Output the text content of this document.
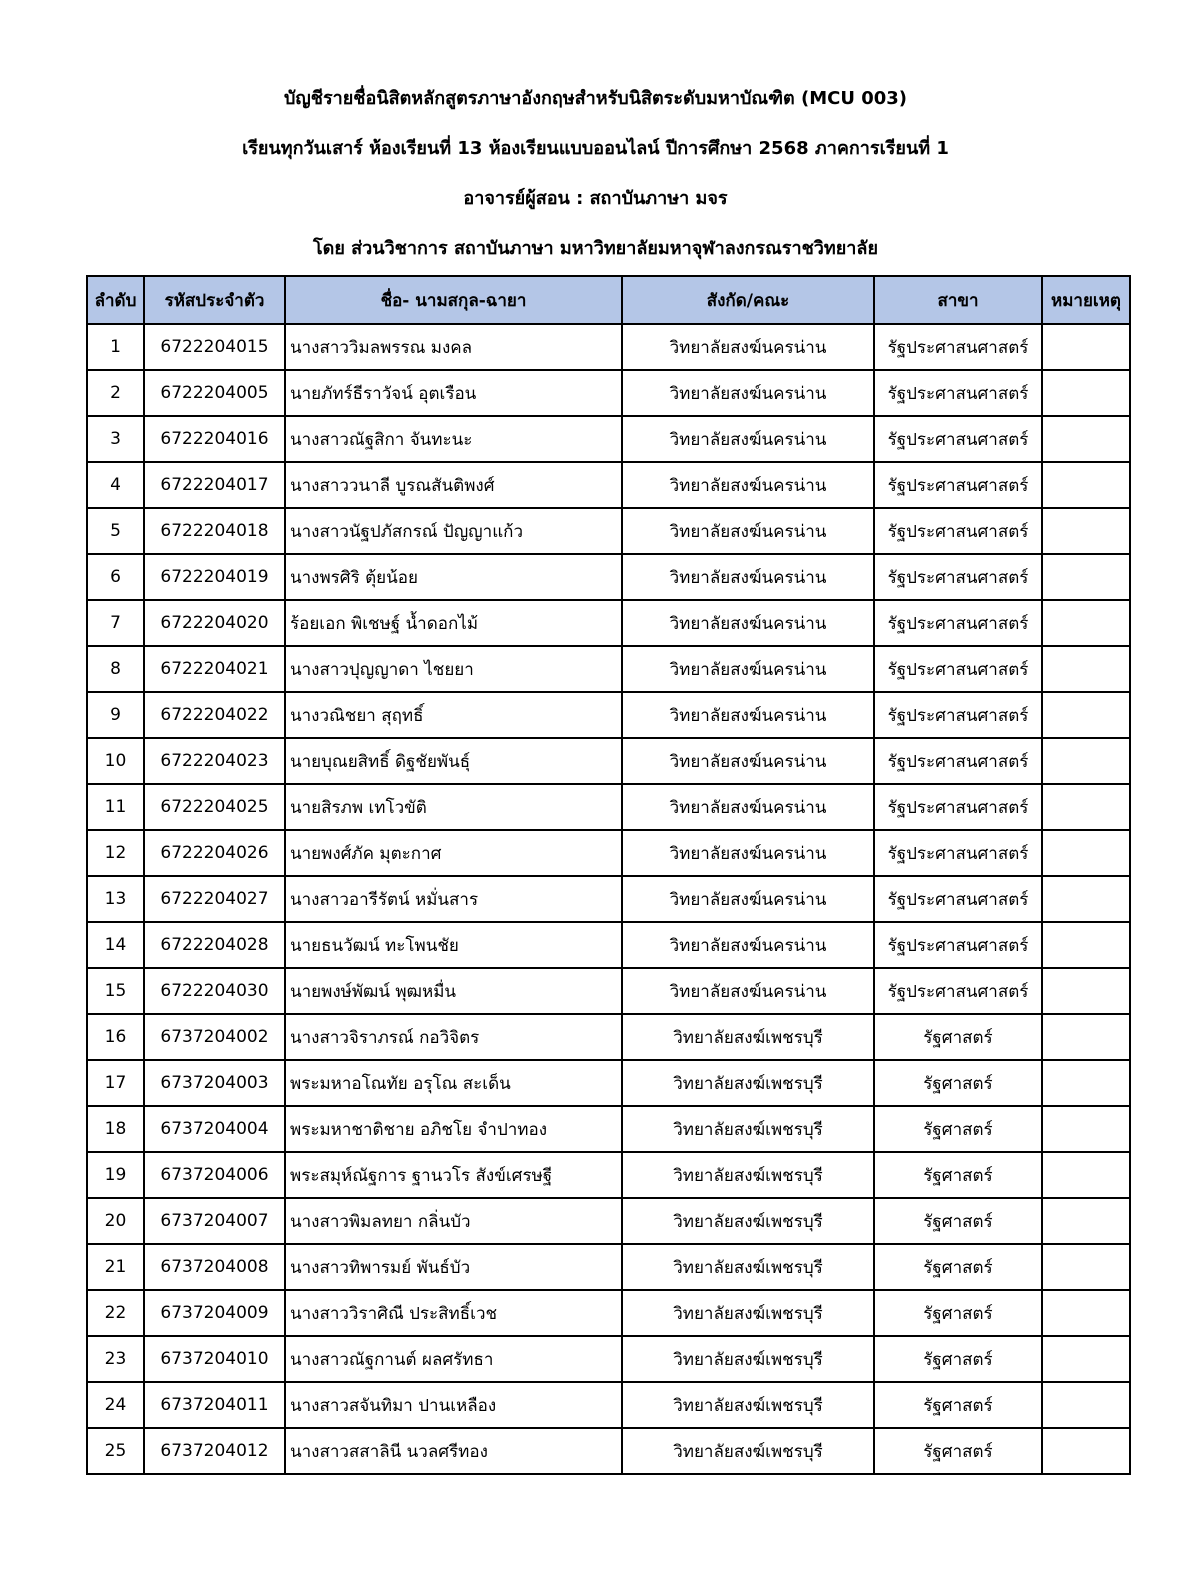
บัญชีรายชื่อนิสิตหลักสูตรภาษาอังกฤษสำหรับนิสิตระดับมหาบัณฑิต (MCU 003)
เรียนทุกวันเสาร์ ห้องเรียนที่ 13 ห้องเรียนแบบออนไลน์ ปีการศึกษา 2568 ภาคการเรียนที่ 1
อาจารย์ผู้สอน : สถาบันภาษา มจร
โดย ส่วนวิชาการ สถาบันภาษา มหาวิทยาลัยมหาจุฬาลงกรณราชวิทยาลัย
ลำดับ	รหัสประจำตัว	ชื่อ- นามสกุล-ฉายา	สังกัด/คณะ	สาขา	หมายเหตุ
1	6722204015	นางสาววิมลพรรณ มงคล	วิทยาลัยสงฆ์นครน่าน	รัฐประศาสนศาสตร์	
2	6722204005	นายภัทร์ธีราวัจน์ อุตเรือน	วิทยาลัยสงฆ์นครน่าน	รัฐประศาสนศาสตร์	
3	6722204016	นางสาวณัฐสิกา จันทะนะ	วิทยาลัยสงฆ์นครน่าน	รัฐประศาสนศาสตร์	
4	6722204017	นางสาววนาลี บูรณสันติพงศ์	วิทยาลัยสงฆ์นครน่าน	รัฐประศาสนศาสตร์	
5	6722204018	นางสาวนัฐปภัสกรณ์ ปัญญาแก้ว	วิทยาลัยสงฆ์นครน่าน	รัฐประศาสนศาสตร์	
6	6722204019	นางพรศิริ ตุ้ยน้อย	วิทยาลัยสงฆ์นครน่าน	รัฐประศาสนศาสตร์	
7	6722204020	ร้อยเอก พิเชษฐ์ น้ำดอกไม้	วิทยาลัยสงฆ์นครน่าน	รัฐประศาสนศาสตร์	
8	6722204021	นางสาวปุญญาดา ไชยยา	วิทยาลัยสงฆ์นครน่าน	รัฐประศาสนศาสตร์	
9	6722204022	นางวณิชยา สุฤทธิ์	วิทยาลัยสงฆ์นครน่าน	รัฐประศาสนศาสตร์	
10	6722204023	นายบุณยสิทธิ์ ดิฐชัยพันธุ์	วิทยาลัยสงฆ์นครน่าน	รัฐประศาสนศาสตร์	
11	6722204025	นายสิรภพ เทโวขัติ	วิทยาลัยสงฆ์นครน่าน	รัฐประศาสนศาสตร์	
12	6722204026	นายพงศ์ภัค มุตะกาศ	วิทยาลัยสงฆ์นครน่าน	รัฐประศาสนศาสตร์	
13	6722204027	นางสาวอารีรัตน์ หมั่นสาร	วิทยาลัยสงฆ์นครน่าน	รัฐประศาสนศาสตร์	
14	6722204028	นายธนวัฒน์ ทะโพนชัย	วิทยาลัยสงฆ์นครน่าน	รัฐประศาสนศาสตร์	
15	6722204030	นายพงษ์พัฒน์ พุฒหมื่น	วิทยาลัยสงฆ์นครน่าน	รัฐประศาสนศาสตร์	
16	6737204002	นางสาวจิราภรณ์ กอวิจิตร	วิทยาลัยสงฆ์เพชรบุรี	รัฐศาสตร์	
17	6737204003	พระมหาอโณทัย อรุโณ สะเด็น	วิทยาลัยสงฆ์เพชรบุรี	รัฐศาสตร์	
18	6737204004	พระมหาชาติชาย อภิชโย จำปาทอง	วิทยาลัยสงฆ์เพชรบุรี	รัฐศาสตร์	
19	6737204006	พระสมุห์ณัฐการ ฐานวโร สังข์เศรษฐี	วิทยาลัยสงฆ์เพชรบุรี	รัฐศาสตร์	
20	6737204007	นางสาวพิมลทยา กลิ่นบัว	วิทยาลัยสงฆ์เพชรบุรี	รัฐศาสตร์	
21	6737204008	นางสาวทิพารมย์ พันธ์บัว	วิทยาลัยสงฆ์เพชรบุรี	รัฐศาสตร์	
22	6737204009	นางสาววิราศิณี ประสิทธิ์เวช	วิทยาลัยสงฆ์เพชรบุรี	รัฐศาสตร์	
23	6737204010	นางสาวณัฐกานต์ ผลศรัทธา	วิทยาลัยสงฆ์เพชรบุรี	รัฐศาสตร์	
24	6737204011	นางสาวสจันทิมา ปานเหลือง	วิทยาลัยสงฆ์เพชรบุรี	รัฐศาสตร์	
25	6737204012	นางสาวสสาลินี นวลศรีทอง	วิทยาลัยสงฆ์เพชรบุรี	รัฐศาสตร์	
